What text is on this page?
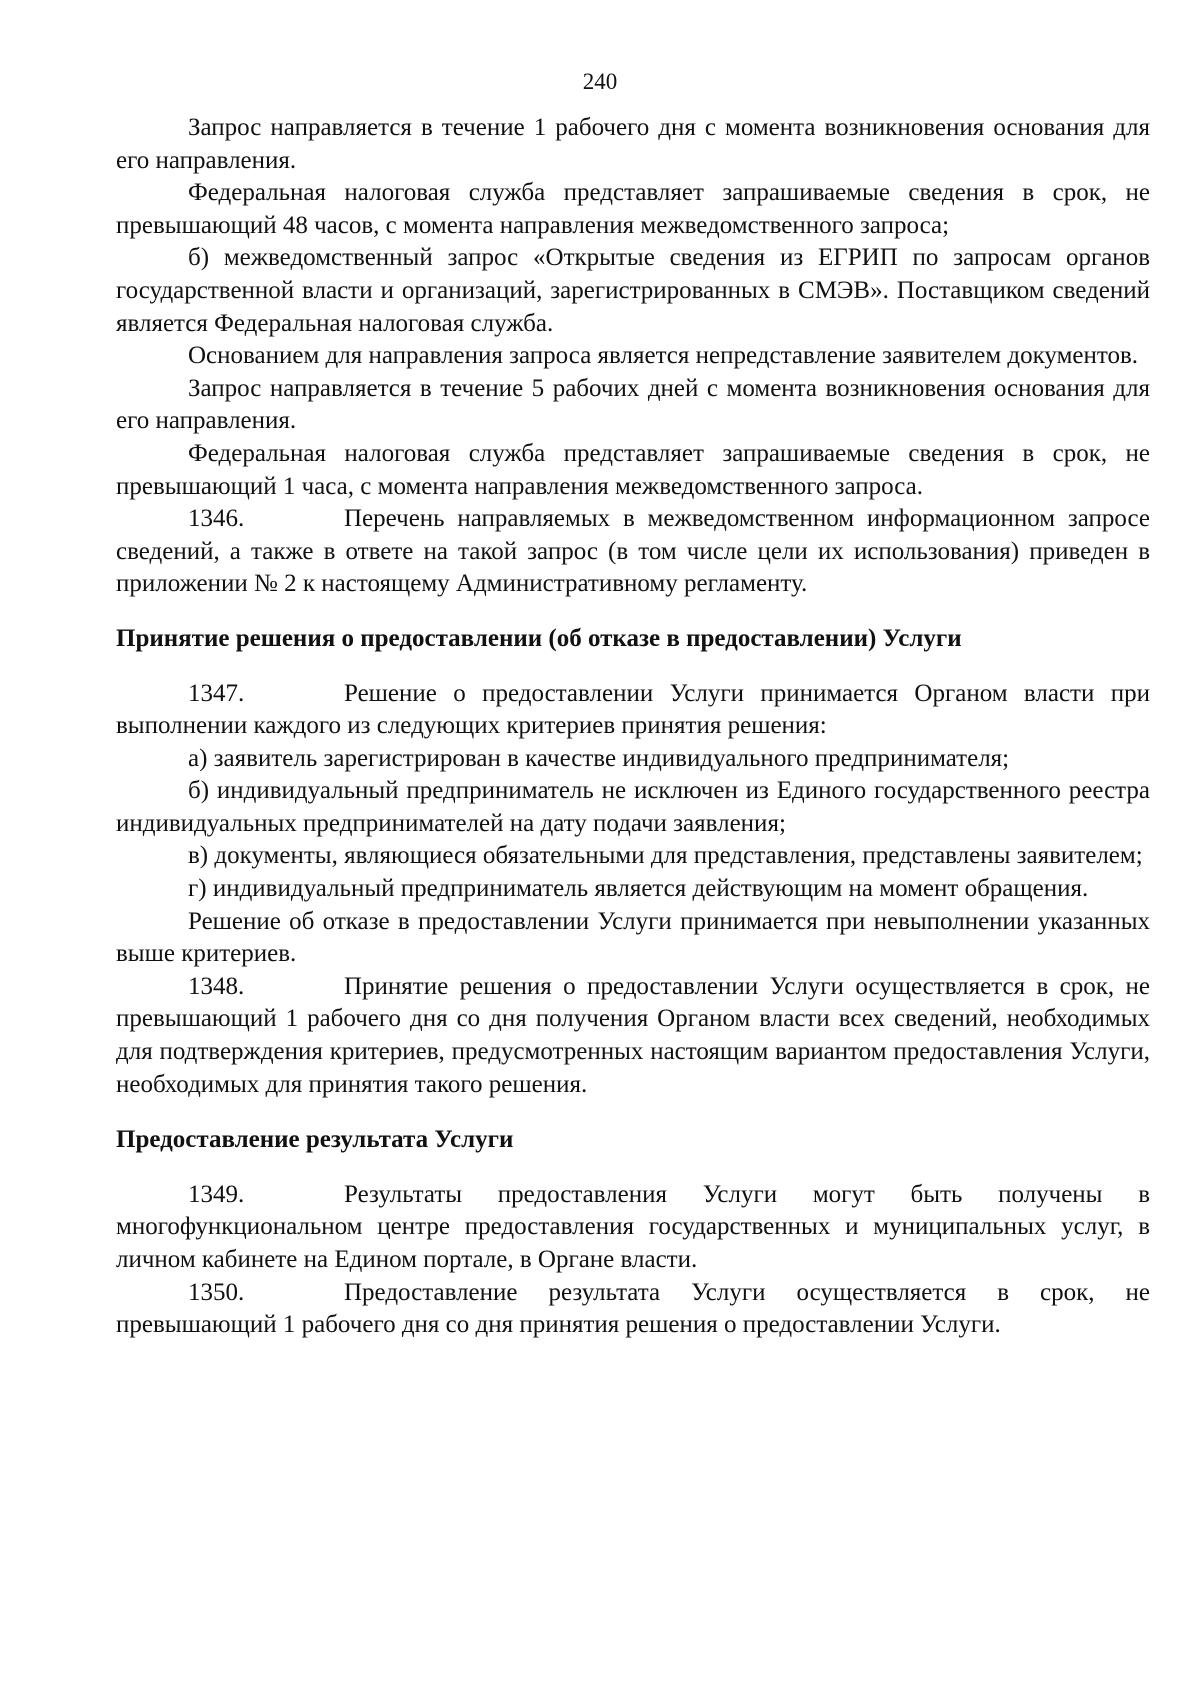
240

Запрос направляется в течение 1 рабочего дня с момента возникновения основания для его направления.

Федеральная налоговая служба представляет запрашиваемые сведения в срок, не превышающий 48 часов, с момента направления межведомственного запроса;

б) межведомственный запрос «Открытые сведения из ЕГРИП по запросам органов государственной власти и организаций, зарегистрированных в СМЭВ». Поставщиком сведений является Федеральная налоговая служба.

Основанием для направления запроса является непредставление заявителем документов.

Запрос направляется в течение 5 рабочих дней с момента возникновения основания для его направления.

Федеральная налоговая служба представляет запрашиваемые сведения в срок, не превышающий 1 часа, с момента направления межведомственного запроса.

1346.	Перечень направляемых в межведомственном информационном запросе сведений, а также в ответе на такой запрос (в том числе цели их использования) приведен в приложении № 2 к настоящему Административному регламенту.

Принятие решения о предоставлении (об отказе в предоставлении) Услуги

1347.	Решение о предоставлении Услуги принимается Органом власти при выполнении каждого из следующих критериев принятия решения:

а) заявитель зарегистрирован в качестве индивидуального предпринимателя;

б) индивидуальный предприниматель не исключен из Единого государственного реестра индивидуальных предпринимателей на дату подачи заявления;

в) документы, являющиеся обязательными для представления, представлены заявителем;

г) индивидуальный предприниматель является действующим на момент обращения.

Решение об отказе в предоставлении Услуги принимается при невыполнении указанных выше критериев.

1348.	Принятие решения о предоставлении Услуги осуществляется в срок, не превышающий 1 рабочего дня со дня получения Органом власти всех сведений, необходимых для подтверждения критериев, предусмотренных настоящим вариантом предоставления Услуги, необходимых для принятия такого решения.

Предоставление результата Услуги

1349.	Результаты предоставления Услуги могут быть получены в многофункциональном центре предоставления государственных и муниципальных услуг, в личном кабинете на Едином портале, в Органе власти.

1350.	Предоставление результата Услуги осуществляется в срок, не превышающий 1 рабочего дня со дня принятия решения о предоставлении Услуги.
